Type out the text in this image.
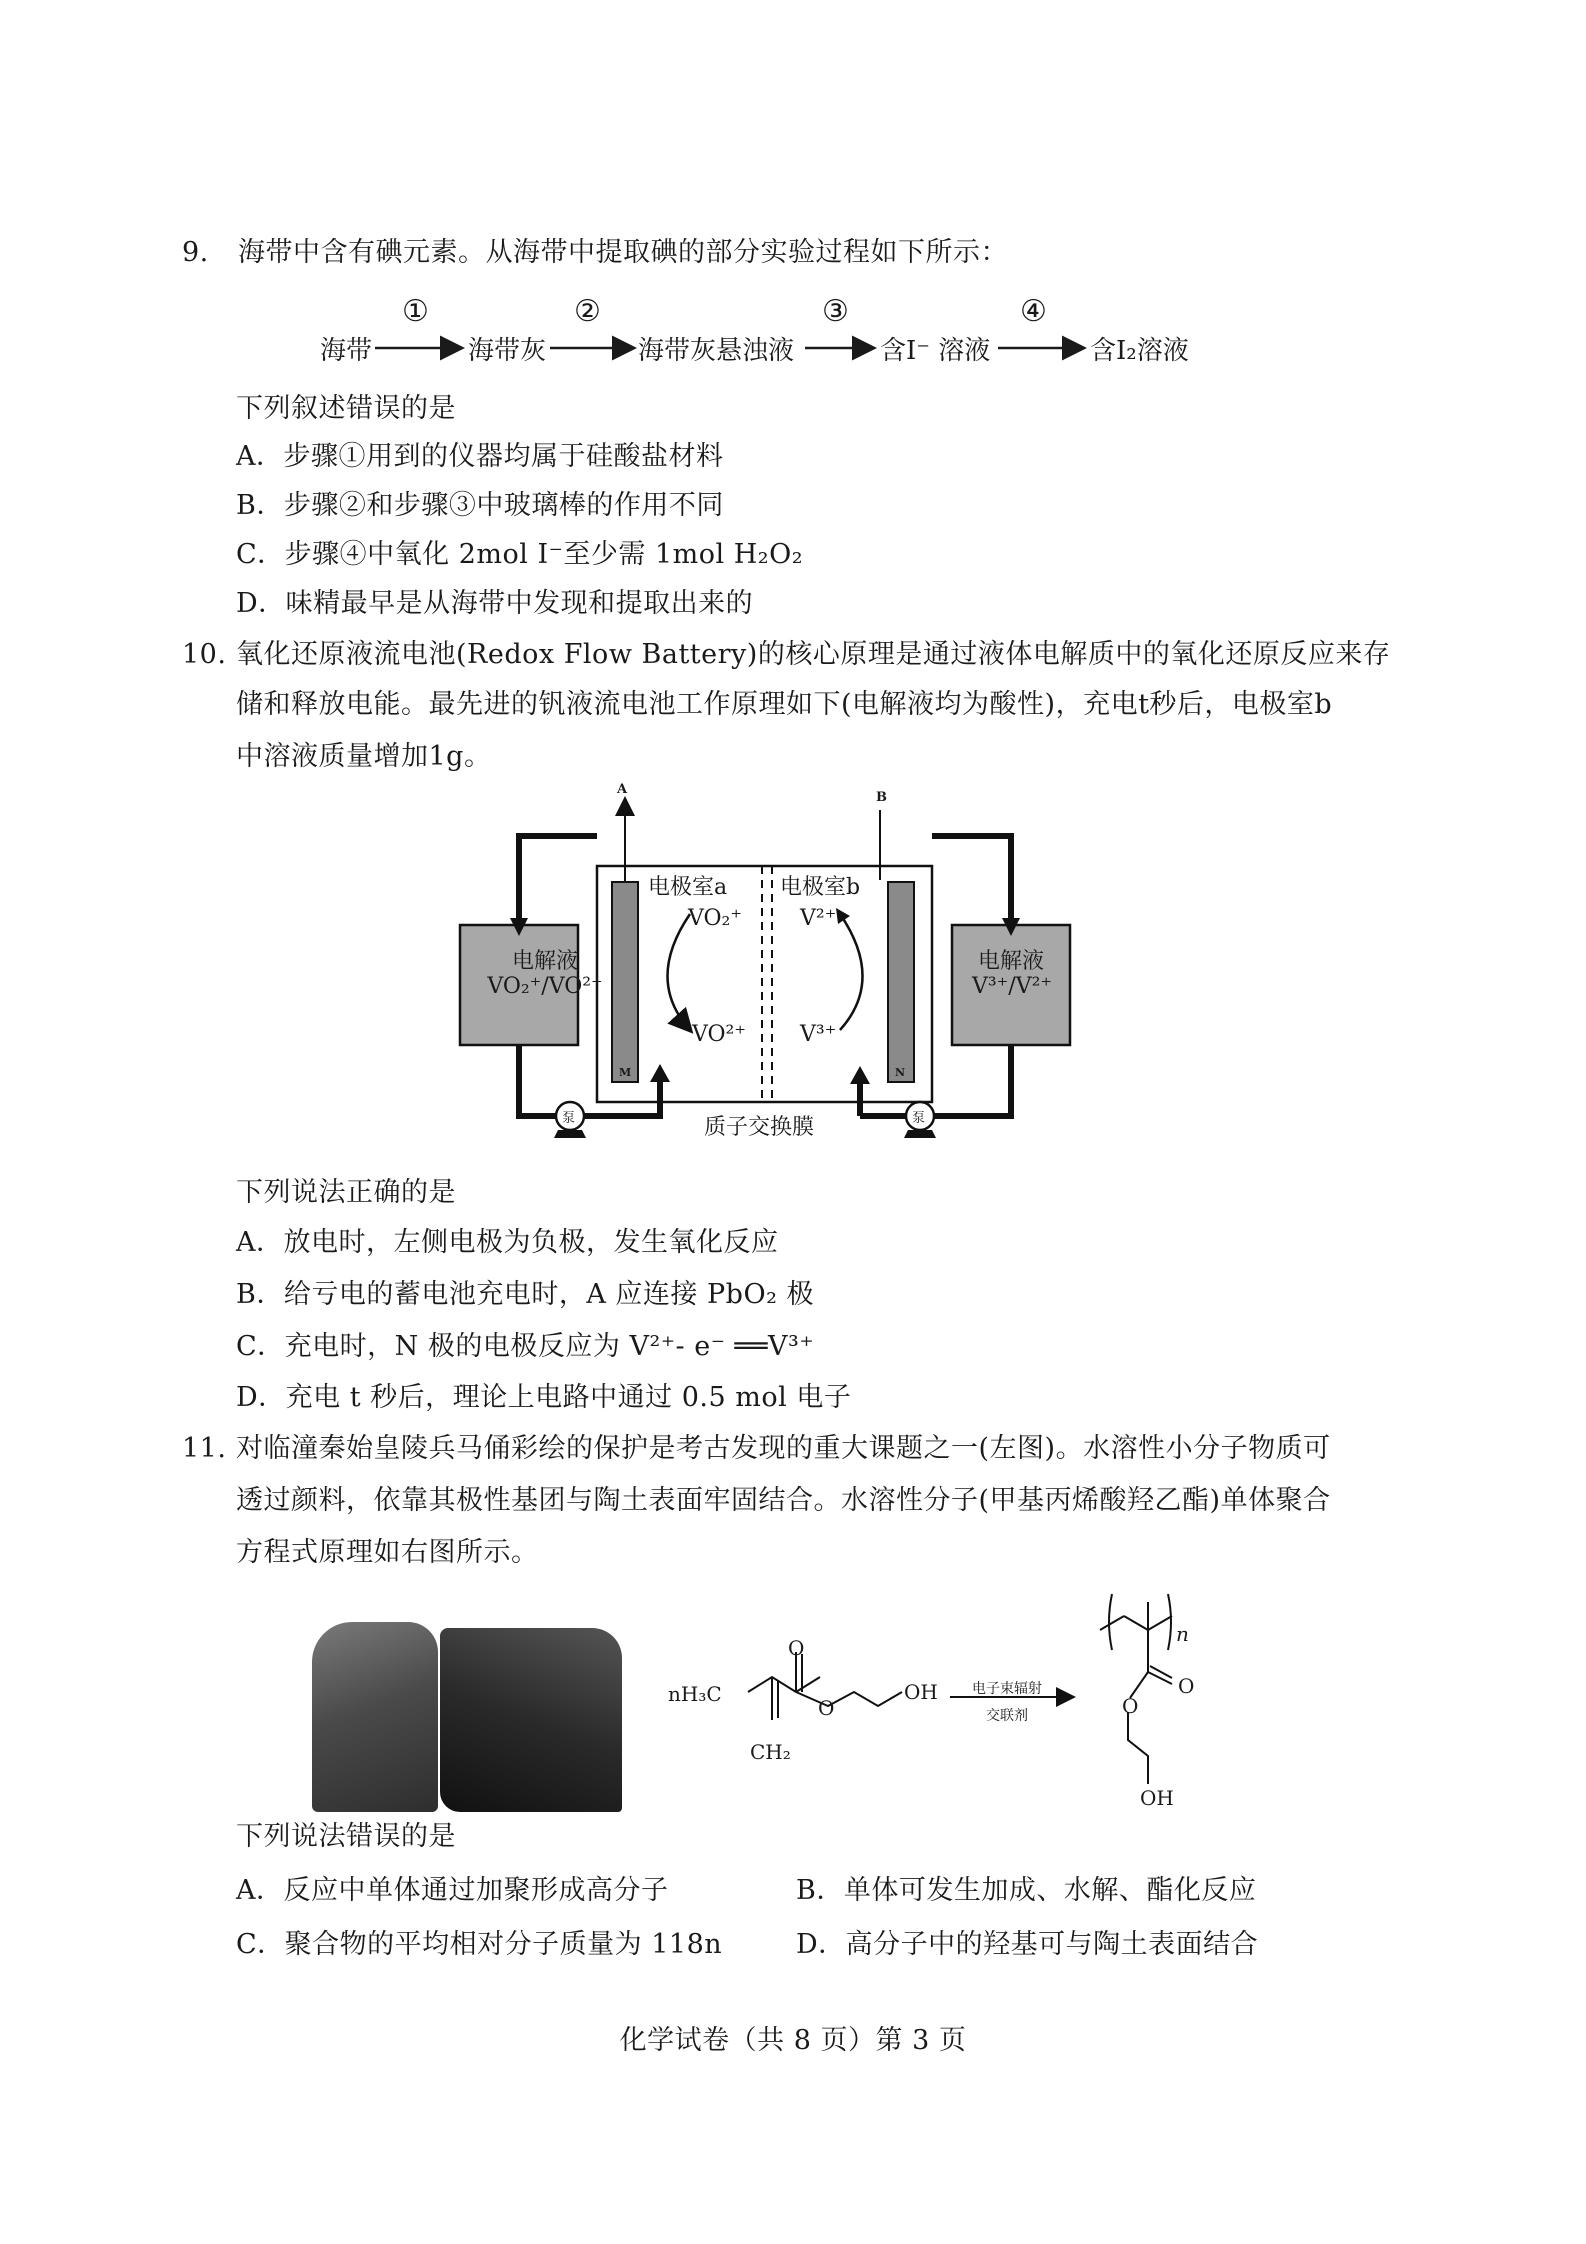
9. 海带中含有碘元素。从海带中提取碘的部分实验过程如下所示：
①	②	③	④
海带	海带灰	海带灰悬浊液	含I⁻ 溶液	含I₂溶液
下列叙述错误的是
A．步骤①用到的仪器均属于硅酸盐材料
B．步骤②和步骤③中玻璃棒的作用不同
C．步骤④中氧化 2mol I⁻至少需 1mol H₂O₂
D．味精最早是从海带中发现和提取出来的
10. 氧化还原液流电池(Redox Flow Battery)的核心原理是通过液体电解质中的氧化还原反应来存
储和释放电能。最先进的钒液流电池工作原理如下(电解液均为酸性)，充电t秒后，电极室b
中溶液质量增加1g。
A
B
电极室a 电极室b
电解液
VO₂⁺/VO²⁺
电解液
V³⁺/V²⁺
VO₂⁺
VO²⁺
V²⁺
V³⁺
M	N
质子交换膜
泵	泵
下列说法正确的是
A．放电时，左侧电极为负极，发生氧化反应
B．给亏电的蓄电池充电时，A 应连接 PbO₂ 极
C．充电时，N 极的电极反应为 V²⁺- e⁻ ══V³⁺
D．充电 t 秒后，理论上电路中通过 0.5 mol 电子
11. 对临潼秦始皇陵兵马俑彩绘的保护是考古发现的重大课题之一(左图)。水溶性小分子物质可
透过颜料，依靠其极性基团与陶土表面牢固结合。水溶性分子(甲基丙烯酸羟乙酯)单体聚合
方程式原理如右图所示。
nH₃C
O
O
OH
CH₂
电子束辐射
交联剂
n
O
O
OH
下列说法错误的是
A．反应中单体通过加聚形成高分子	B．单体可发生加成、水解、酯化反应
C．聚合物的平均相对分子质量为 118n	D．高分子中的羟基可与陶土表面结合
化学试卷（共 8 页）第 3 页
